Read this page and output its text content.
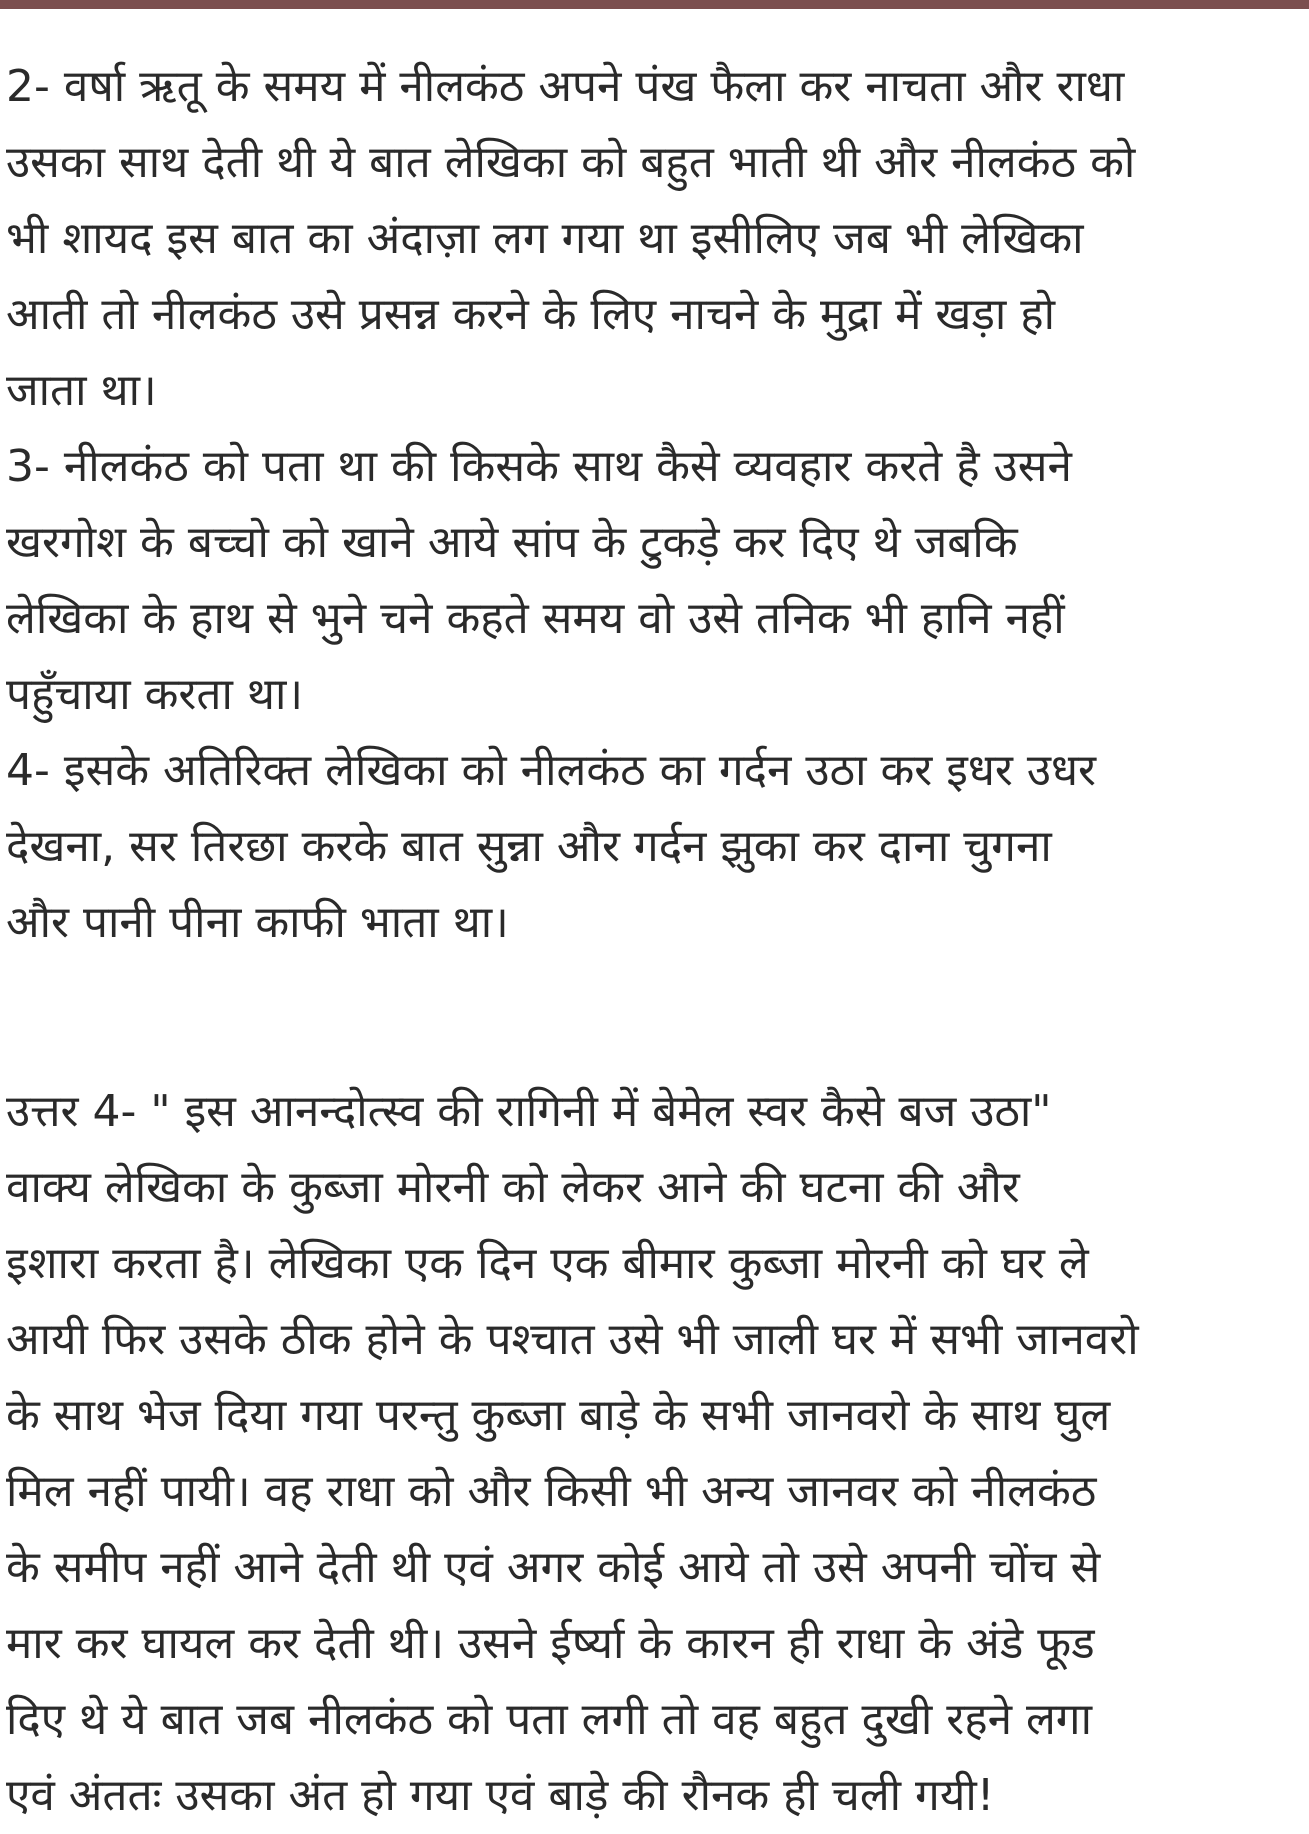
2- वर्षा ऋतू के समय में नीलकंठ अपने पंख फैला कर नाचता और राधा
उसका साथ देती थी ये बात लेखिका को बहुत भाती थी और नीलकंठ को
भी शायद इस बात का अंदाज़ा लग गया था इसीलिए जब भी लेखिका
आती तो नीलकंठ उसे प्रसन्न करने के लिए नाचने के मुद्रा में खड़ा हो
जाता था।
3- नीलकंठ को पता था की किसके साथ कैसे व्यवहार करते है उसने
खरगोश के बच्चो को खाने आये सांप के टुकड़े कर दिए थे जबकि
लेखिका के हाथ से भुने चने कहते समय वो उसे तनिक भी हानि नहीं
पहुँचाया करता था।
4- इसके अतिरिक्त लेखिका को नीलकंठ का गर्दन उठा कर इधर उधर
देखना, सर तिरछा करके बात सुन्ना और गर्दन झुका कर दाना चुगना
और पानी पीना काफी भाता था।
उत्तर 4- " इस आनन्दोत्स्व की रागिनी में बेमेल स्वर कैसे बज उठा"
वाक्य लेखिका के कुब्जा मोरनी को लेकर आने की घटना की और
इशारा करता है। लेखिका एक दिन एक बीमार कुब्जा मोरनी को घर ले
आयी फिर उसके ठीक होने के पश्चात उसे भी जाली घर में सभी जानवरो
के साथ भेज दिया गया परन्तु कुब्जा बाड़े के सभी जानवरो के साथ घुल
मिल नहीं पायी। वह राधा को और किसी भी अन्य जानवर को नीलकंठ
के समीप नहीं आने देती थी एवं अगर कोई आये तो उसे अपनी चोंच से
मार कर घायल कर देती थी। उसने ईर्ष्या के कारन ही राधा के अंडे फूड
दिए थे ये बात जब नीलकंठ को पता लगी तो वह बहुत दुखी रहने लगा
एवं अंततः उसका अंत हो गया एवं बाड़े की रौनक ही चली गयी!
